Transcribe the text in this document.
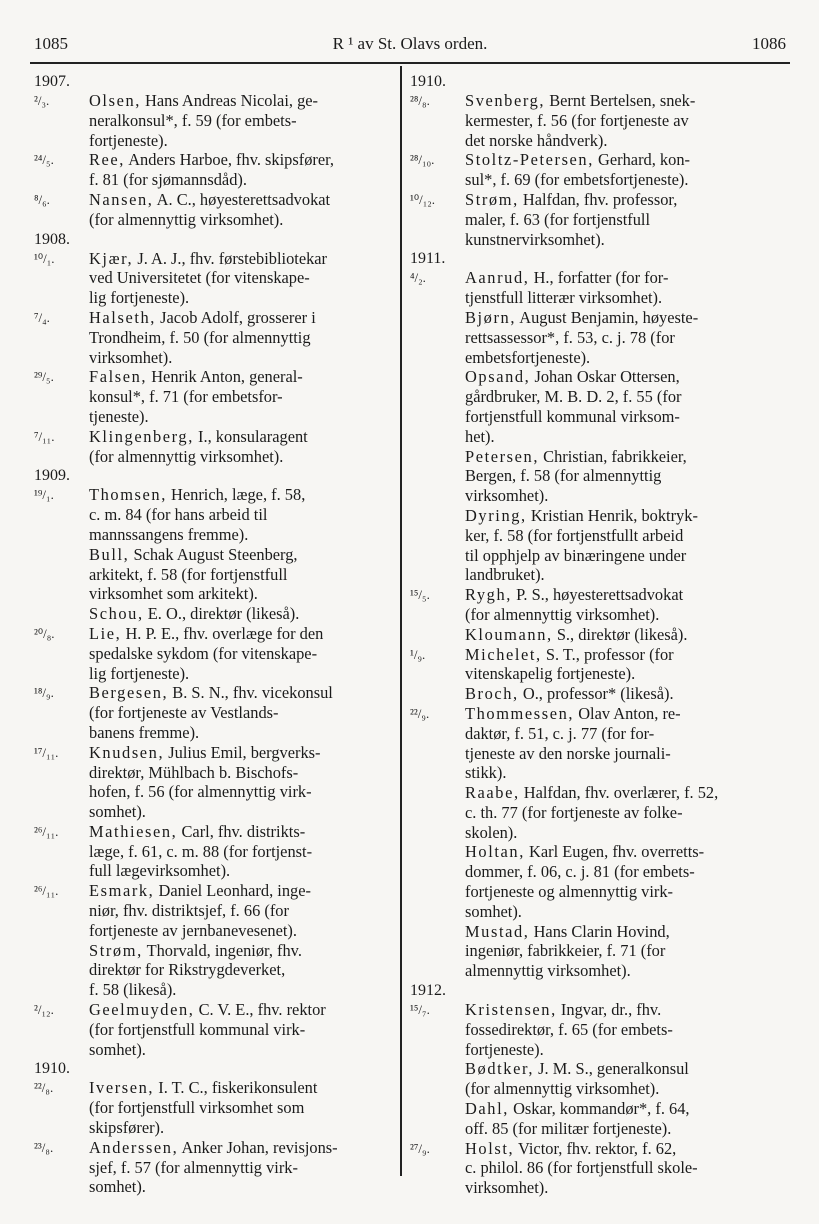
1085	R ¹ av St. Olavs orden.	1086
1907.
²/₃.	Olsen, Hans Andreas Nicolai, ge-
neralkonsul*, f. 59 (for embets-
fortjeneste).
²⁴/₅.	Ree, Anders Harboe, fhv. skipsfører,
f. 81 (for sjømannsdåd).
⁸/₆.	Nansen, A. C., høyesterettsadvokat
(for almennyttig virksomhet).
1908.
¹⁰/₁.	Kjær, J. A. J., fhv. førstebibliotekar
ved Universitetet (for vitenskape-
lig fortjeneste).
⁷/₄.	Halseth, Jacob Adolf, grosserer i
Trondheim, f. 50 (for almennyttig
virksomhet).
²⁹/₅.	Falsen, Henrik Anton, general-
konsul*, f. 71 (for embetsfor-
tjeneste).
⁷/₁₁.	Klingenberg, I., konsularagent
(for almennyttig virksomhet).
1909.
¹⁹/₁.	Thomsen, Henrich, læge, f. 58,
c. m. 84 (for hans arbeid til
mannssangens fremme).
Bull, Schak August Steenberg,
arkitekt, f. 58 (for fortjenstfull
virksomhet som arkitekt).
Schou, E. O., direktør (likeså).
²⁰/₈.	Lie, H. P. E., fhv. overlæge for den
spedalske sykdom (for vitenskape-
lig fortjeneste).
¹⁸/₉.	Bergesen, B. S. N., fhv. vicekonsul
(for fortjeneste av Vestlands-
banens fremme).
¹⁷/₁₁.	Knudsen, Julius Emil, bergverks-
direktør, Mühlbach b. Bischofs-
hofen, f. 56 (for almennyttig virk-
somhet).
²⁶/₁₁.	Mathiesen, Carl, fhv. distrikts-
læge, f. 61, c. m. 88 (for fortjenst-
full lægevirksomhet).
²⁶/₁₁.	Esmark, Daniel Leonhard, inge-
niør, fhv. distriktsjef, f. 66 (for
fortjeneste av jernbanevesenet).
Strøm, Thorvald, ingeniør, fhv.
direktør for Rikstrygdeverket,
f. 58 (likeså).
²/₁₂.	Geelmuyden, C. V. E., fhv. rektor
(for fortjenstfull kommunal virk-
somhet).
1910.
²²/₈.	Iversen, I. T. C., fiskerikonsulent
(for fortjenstfull virksomhet som
skipsfører).
²³/₈.	Anderssen, Anker Johan, revisjons-
sjef, f. 57 (for almennyttig virk-
somhet).
1910.
²⁸/₈.	Svenberg, Bernt Bertelsen, snek-
kermester, f. 56 (for fortjeneste av
det norske håndverk).
²⁸/₁₀.	Stoltz-Petersen, Gerhard, kon-
sul*, f. 69 (for embetsfortjeneste).
¹⁰/₁₂.	Strøm, Halfdan, fhv. professor,
maler, f. 63 (for fortjenstfull
kunstnervirksomhet).
1911.
⁴/₂.	Aanrud, H., forfatter (for for-
tjenstfull litterær virksomhet).
Bjørn, August Benjamin, høyeste-
rettsassessor*, f. 53, c. j. 78 (for
embetsfortjeneste).
Opsand, Johan Oskar Ottersen,
gårdbruker, M. B. D. 2, f. 55 (for
fortjenstfull kommunal virksom-
het).
Petersen, Christian, fabrikkeier,
Bergen, f. 58 (for almennyttig
virksomhet).
Dyring, Kristian Henrik, boktryk-
ker, f. 58 (for fortjenstfullt arbeid
til opphjelp av binæringene under
landbruket).
¹⁵/₅.	Rygh, P. S., høyesterettsadvokat
(for almennyttig virksomhet).
Kloumann, S., direktør (likeså).
¹/₉.	Michelet, S. T., professor (for
vitenskapelig fortjeneste).
Broch, O., professor* (likeså).
²²/₉.	Thommessen, Olav Anton, re-
daktør, f. 51, c. j. 77 (for for-
tjeneste av den norske journali-
stikk).
Raabe, Halfdan, fhv. overlærer, f. 52,
c. th. 77 (for fortjeneste av folke-
skolen).
Holtan, Karl Eugen, fhv. overretts-
dommer, f. 06, c. j. 81 (for embets-
fortjeneste og almennyttig virk-
somhet).
Mustad, Hans Clarin Hovind,
ingeniør, fabrikkeier, f. 71 (for
almennyttig virksomhet).
1912.
¹⁵/₇.	Kristensen, Ingvar, dr., fhv.
fossedirektør, f. 65 (for embets-
fortjeneste).
Bødtker, J. M. S., generalkonsul
(for almennyttig virksomhet).
Dahl, Oskar, kommandør*, f. 64,
off. 85 (for militær fortjeneste).
²⁷/₉.	Holst, Victor, fhv. rektor, f. 62,
c. philol. 86 (for fortjenstfull skole-
virksomhet).
